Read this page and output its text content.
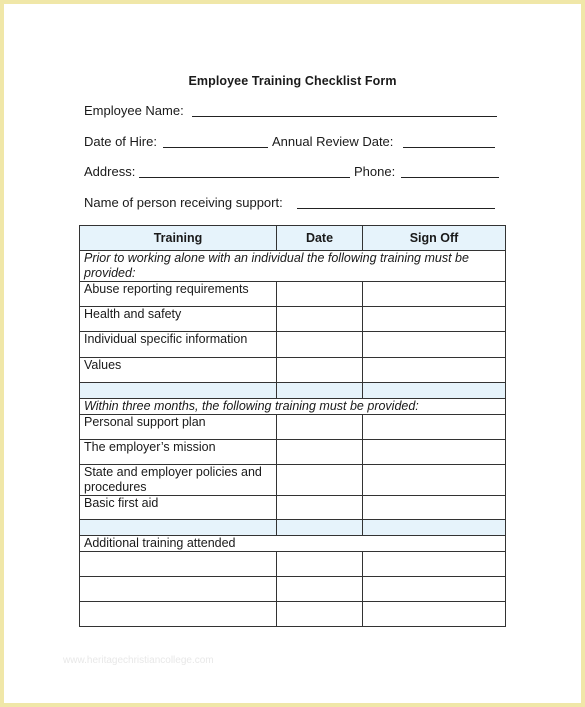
Employee Training Checklist Form
Employee Name:
Date of Hire:	Annual Review Date:
Address:	Phone:
Name of person receiving support:
Training	Date	Sign Off
Prior to working alone with an individual the following training must be provided:		
Abuse reporting requirements		
Health and safety		
Individual specific information		
Values		

Within three months, the following training must be provided:		
Personal support plan		
The employer’s mission		
State and employer policies and procedures		
Basic first aid		

Additional training attended		

www.heritagechristiancollege.com
